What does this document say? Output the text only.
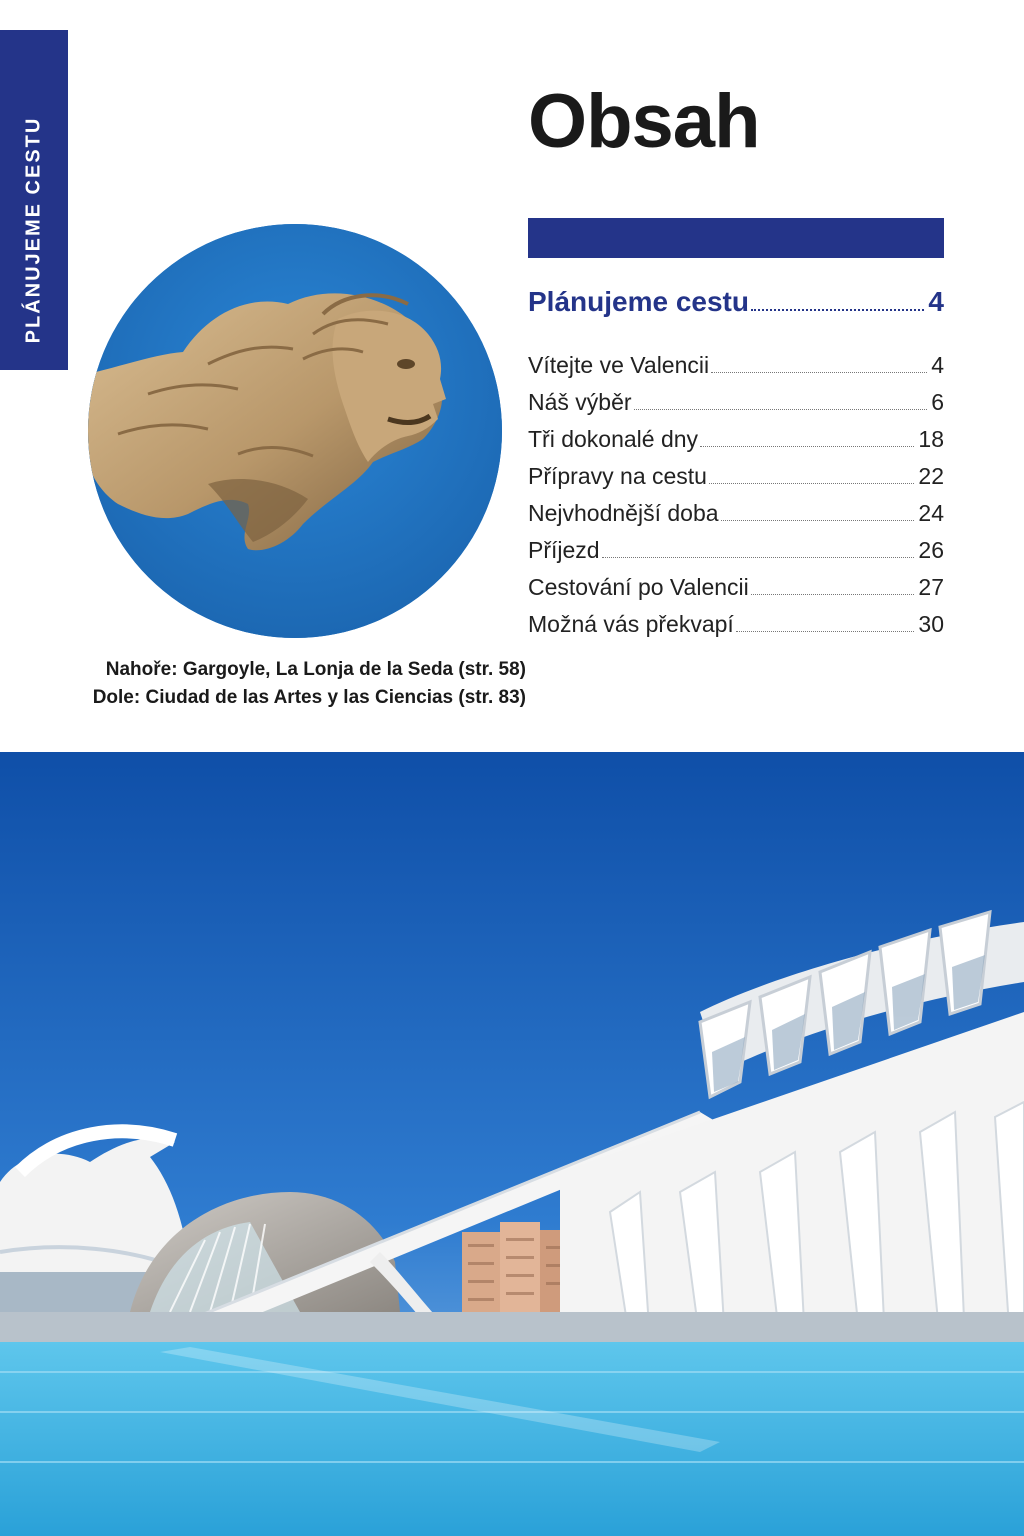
PLÁNUJEME CESTU	Obsah
Plánujeme cestu	4
Vítejte ve Valencii	4
Náš výběr	6
Tři dokonalé dny	18
Přípravy na cestu	22
Nejvhodnější doba	24
Příjezd	26
Cestování po Valencii	27
Možná vás překvapí	30
Nahoře: Gargoyle, La Lonja de la Seda (str. 58)
Dole: Ciudad de las Artes y las Ciencias (str. 83)
